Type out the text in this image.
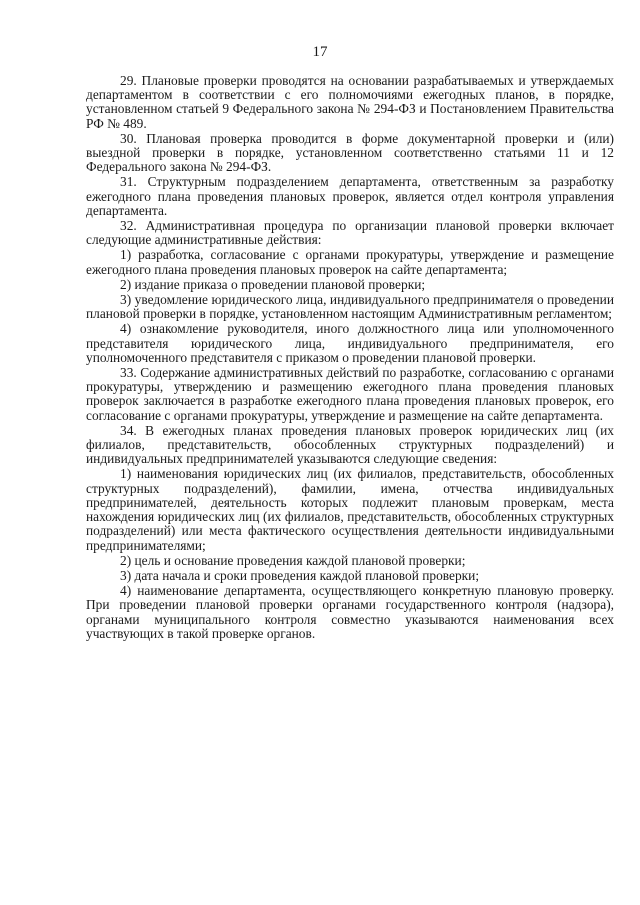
17

29. Плановые проверки проводятся на основании разрабатываемых и утверждаемых департаментом в соответствии с его полномочиями ежегодных планов, в порядке, установленном статьей 9 Федерального закона № 294-ФЗ и Постановлением Правительства РФ № 489.

30. Плановая проверка проводится в форме документарной проверки и (или) выездной проверки в порядке, установленном соответственно статьями 11 и 12 Федерального закона № 294-ФЗ.

31. Структурным подразделением департамента, ответственным за разработку ежегодного плана проведения плановых проверок, является отдел контроля управления департамента.

32. Административная процедура по организации плановой проверки включает следующие административные действия:

1) разработка, согласование с органами прокуратуры, утверждение и размещение ежегодного плана проведения плановых проверок на сайте департамента;

2) издание приказа о проведении плановой проверки;

3) уведомление юридического лица, индивидуального предпринимателя о проведении плановой проверки в порядке, установленном настоящим Административным регламентом;

4) ознакомление руководителя, иного должностного лица или уполномоченного представителя юридического лица, индивидуального предпринимателя, его уполномоченного представителя с приказом о проведении плановой проверки.

33. Содержание административных действий по разработке, согласованию с органами прокуратуры, утверждению и размещению ежегодного плана проведения плановых проверок заключается в разработке ежегодного плана проведения плановых проверок, его согласование с органами прокуратуры, утверждение и размещение на сайте департамента.

34. В ежегодных планах проведения плановых проверок юридических лиц (их филиалов, представительств, обособленных структурных подразделений) и индивидуальных предпринимателей указываются следующие сведения:

1) наименования юридических лиц (их филиалов, представительств, обособленных структурных подразделений), фамилии, имена, отчества индивидуальных предпринимателей, деятельность которых подлежит плановым проверкам, места нахождения юридических лиц (их филиалов, представительств, обособленных структурных подразделений) или места фактического осуществления деятельности индивидуальными предпринимателями;

2) цель и основание проведения каждой плановой проверки;

3) дата начала и сроки проведения каждой плановой проверки;

4) наименование департамента, осуществляющего конкретную плановую проверку. При проведении плановой проверки органами государственного контроля (надзора), органами муниципального контроля совместно указываются наименования всех участвующих в такой проверке органов.
